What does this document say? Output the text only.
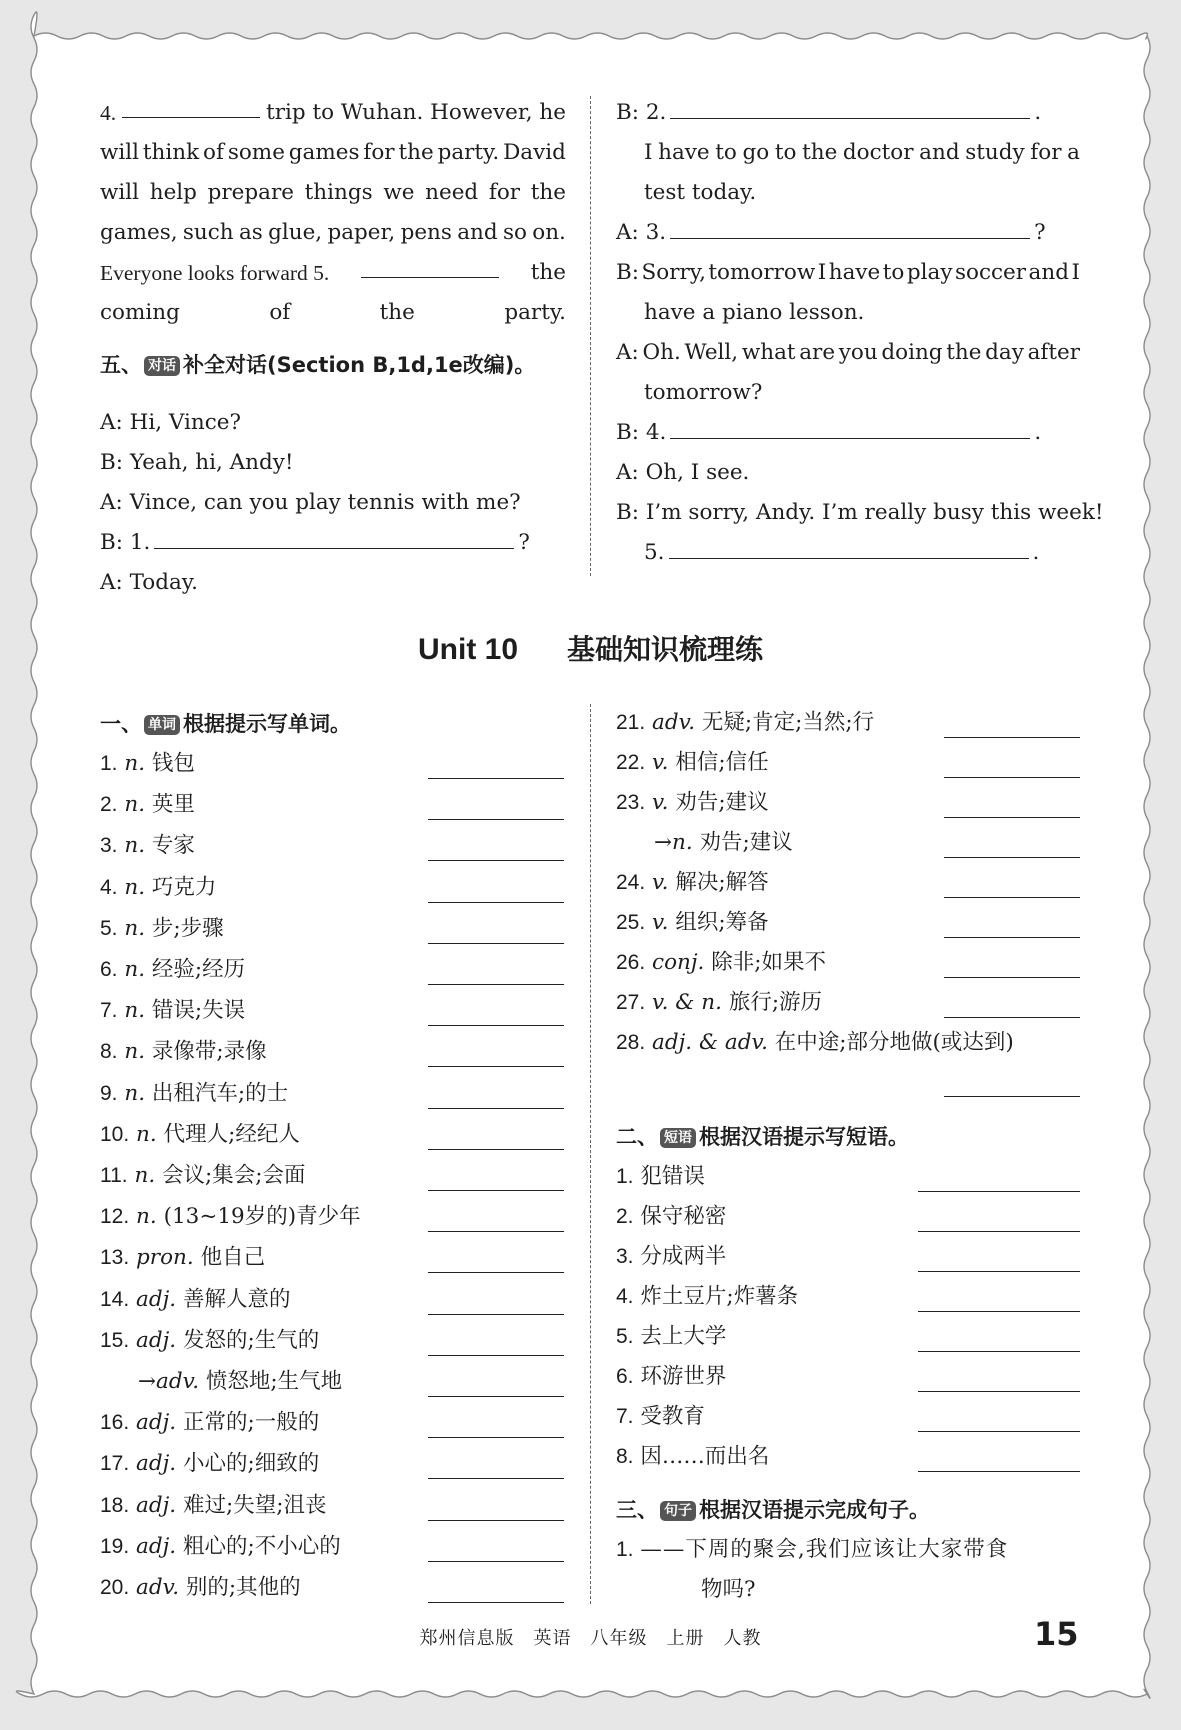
4.	trip to Wuhan. However, he
will think of some games for the party. David
will help prepare things we need for the
games, such as glue, paper, pens and so on.
Everyone looks forward 5.	the
coming	of	the	party.
五、 对话 补全对话(Section B,1d,1e改编)。
A: Hi, Vince?
B: Yeah, hi, Andy!
A: Vince, can you play tennis with me?
B: 1.	?
A: Today.
B: 2.	.
I have to go to the doctor and study for a
test today.
A: 3.	?
B: Sorry, tomorrow I have to play soccer and I
have a piano lesson.
A: Oh. Well, what are you doing the day after
tomorrow?
B: 4.	.
A: Oh, I see.
B: I’m sorry, Andy. I’m really busy this week!
5.	.
一、 单词 根据提示写单词。
1. n. 钱包
2. n. 英里
3. n. 专家
4. n. 巧克力
5. n. 步;步骤
6. n. 经验;经历
7. n. 错误;失误
8. n. 录像带;录像
9. n. 出租汽车;的士
10. n. 代理人;经纪人
11. n. 会议;集会;会面
12. n. (13~19岁的)青少年
13. pron. 他自己
14. adj. 善解人意的
15. adj. 发怒的;生气的
→adv. 愤怒地;生气地
16. adj. 正常的;一般的
17. adj. 小心的;细致的
18. adj. 难过;失望;沮丧
19. adj. 粗心的;不小心的
20. adv. 别的;其他的
21. adv. 无疑;肯定;当然;行
22. v. 相信;信任
23. v. 劝告;建议
→n. 劝告;建议
24. v. 解决;解答
25. v. 组织;筹备
26. conj. 除非;如果不
27. v. & n. 旅行;游历
28. adj. & adv. 在中途;部分地做(或达到)
二、 短语 根据汉语提示写短语。
1. 犯错误
2. 保守秘密
3. 分成两半
4. 炸土豆片;炸薯条
5. 去上大学
6. 环游世界
7. 受教育
8. 因……而出名
三、 句子 根据汉语提示完成句子。
1. ——下周的聚会,我们应该让大家带食
物吗?
Unit 10 基础知识梳理练
郑州信息版　英语　八年级　上册　人教	15
